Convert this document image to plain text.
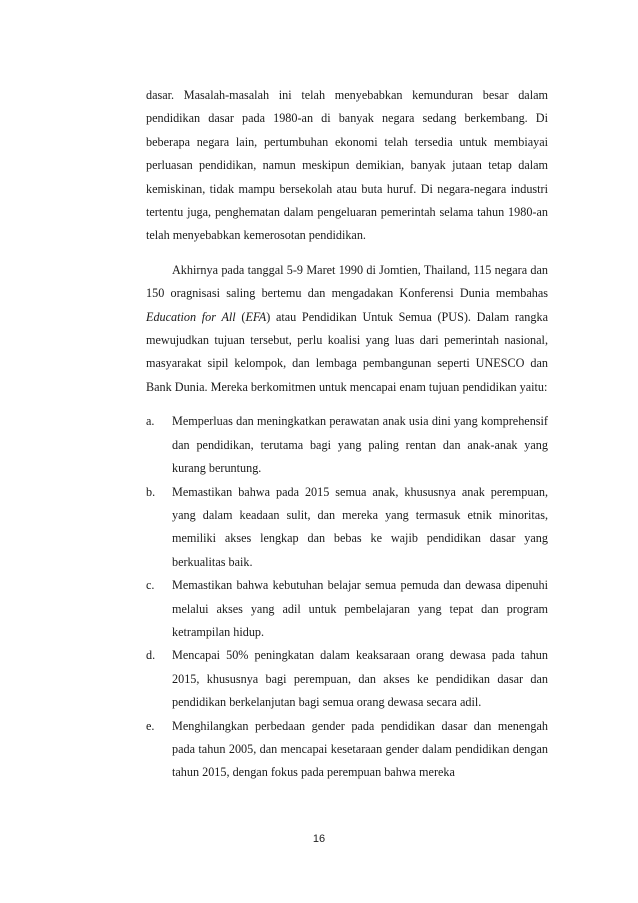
dasar. Masalah-masalah ini telah menyebabkan kemunduran besar dalam pendidikan dasar pada 1980-an di banyak negara sedang berkembang. Di beberapa negara lain, pertumbuhan ekonomi telah tersedia untuk membiayai perluasan pendidikan, namun meskipun demikian, banyak jutaan tetap dalam kemiskinan, tidak mampu bersekolah atau buta huruf. Di negara-negara industri tertentu juga, penghematan dalam pengeluaran pemerintah selama tahun 1980-an telah menyebabkan kemerosotan pendidikan.

Akhirnya pada tanggal 5-9 Maret 1990 di Jomtien, Thailand, 115 negara dan 150 oragnisasi saling bertemu dan mengadakan Konferensi Dunia membahas Education for All (EFA) atau Pendidikan Untuk Semua (PUS). Dalam rangka mewujudkan tujuan tersebut, perlu koalisi yang luas dari pemerintah nasional, masyarakat sipil kelompok, dan lembaga pembangunan seperti UNESCO dan Bank Dunia. Mereka berkomitmen untuk mencapai enam tujuan pendidikan yaitu:

a. Memperluas dan meningkatkan perawatan anak usia dini yang komprehensif dan pendidikan, terutama bagi yang paling rentan dan anak-anak yang kurang beruntung.
b. Memastikan bahwa pada 2015 semua anak, khususnya anak perempuan, yang dalam keadaan sulit, dan mereka yang termasuk etnik minoritas, memiliki akses lengkap dan bebas ke wajib pendidikan dasar yang berkualitas baik.
c. Memastikan bahwa kebutuhan belajar semua pemuda dan dewasa dipenuhi melalui akses yang adil untuk pembelajaran yang tepat dan program ketrampilan hidup.
d. Mencapai 50% peningkatan dalam keaksaraan orang dewasa pada tahun 2015, khususnya bagi perempuan, dan akses ke pendidikan dasar dan pendidikan berkelanjutan bagi semua orang dewasa secara adil.
e. Menghilangkan perbedaan gender pada pendidikan dasar dan menengah pada tahun 2005, dan mencapai kesetaraan gender dalam pendidikan dengan tahun 2015, dengan fokus pada perempuan bahwa mereka
16
